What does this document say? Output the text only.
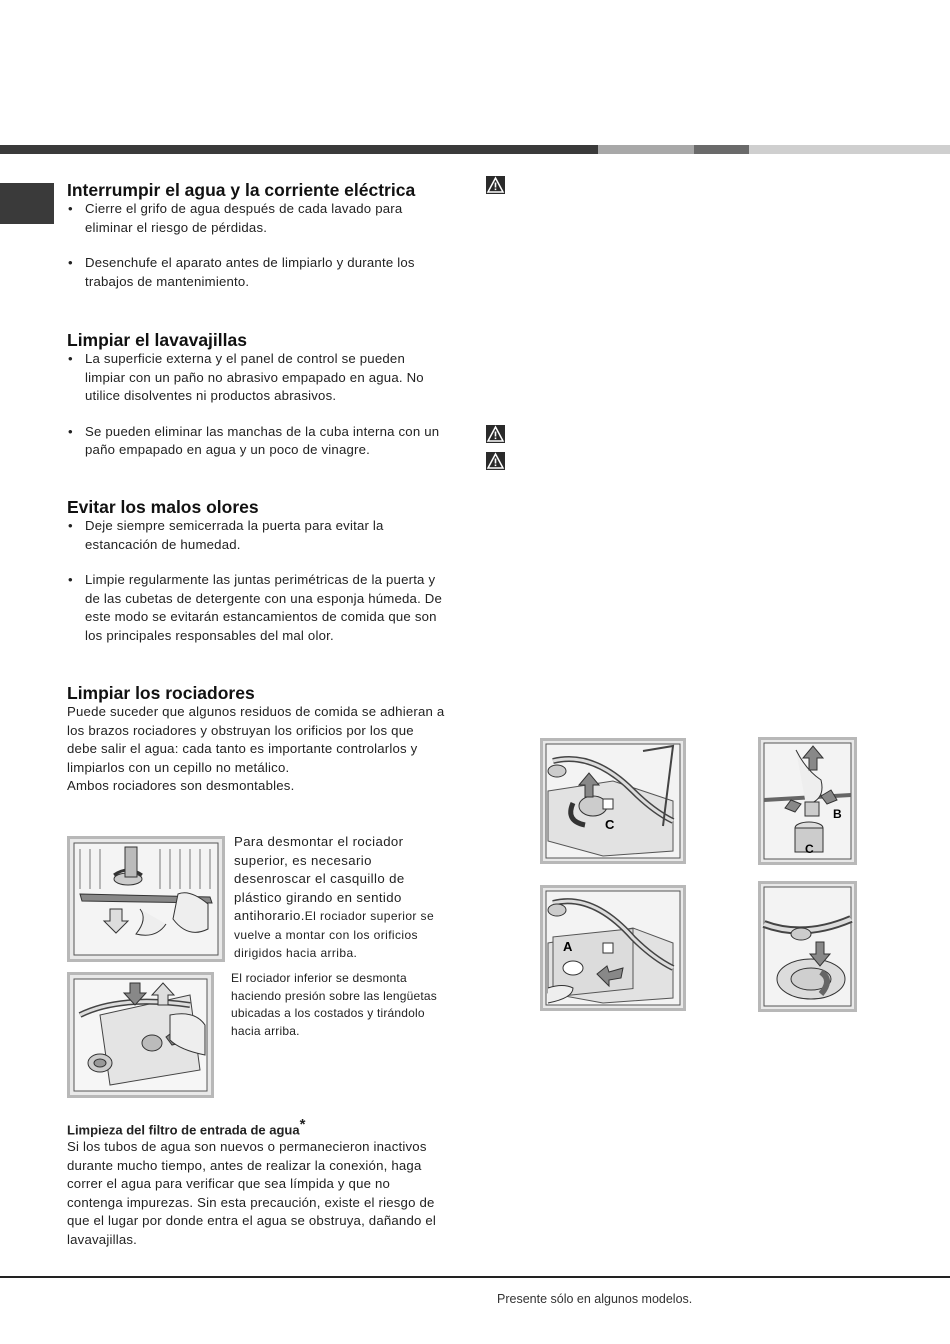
Interrumpir el agua y la corriente eléctrica
• Cierre el grifo de agua después de cada lavado para eliminar el riesgo de pérdidas.
• Desenchufe el aparato antes de limpiarlo y durante los trabajos de mantenimiento.
Limpiar el lavavajillas
• La superficie externa y el panel de control se pueden limpiar con un paño no abrasivo empapado en agua. No utilice disolventes ni productos abrasivos.
• Se pueden eliminar las manchas de la cuba interna con un paño empapado en agua y un poco de vinagre.
Evitar los malos olores
• Deje siempre semicerrada la puerta para evitar la estancación de humedad.
• Limpie regularmente las juntas perimétricas de la puerta y de las cubetas de detergente con una esponja húmeda. De este modo se evitarán estancamientos de comida que son los principales responsables del mal olor.
Limpiar los rociadores

Puede suceder que algunos residuos de comida se adhieran a los brazos rociadores y obstruyan los orificios por los que debe salir el agua: cada tanto es importante controlarlos y limpiarlos con un cepillo no metálico.

Ambos rociadores son desmontables.

Para desmontar el rociador superior, es necesario desenroscar el casquillo de plástico girando en sentido antihorario.El rociador superior se vuelve a montar con los orificios dirigidos hacia arriba.

El rociador inferior se desmonta haciendo presión sobre las lengüetas ubicadas a los costados y tirándolo hacia arriba.

Limpieza del filtro de entrada de agua*

Si los tubos de agua son nuevos o permanecieron inactivos durante mucho tiempo, antes de realizar la conexión, haga correr el agua para verificar que sea límpida y que no contenga impurezas. Sin esta precaución, existe el riesgo de que el lugar por donde entra el agua se obstruya, dañando el lavavajillas.

C
B
C
A
Presente sólo en algunos modelos.
